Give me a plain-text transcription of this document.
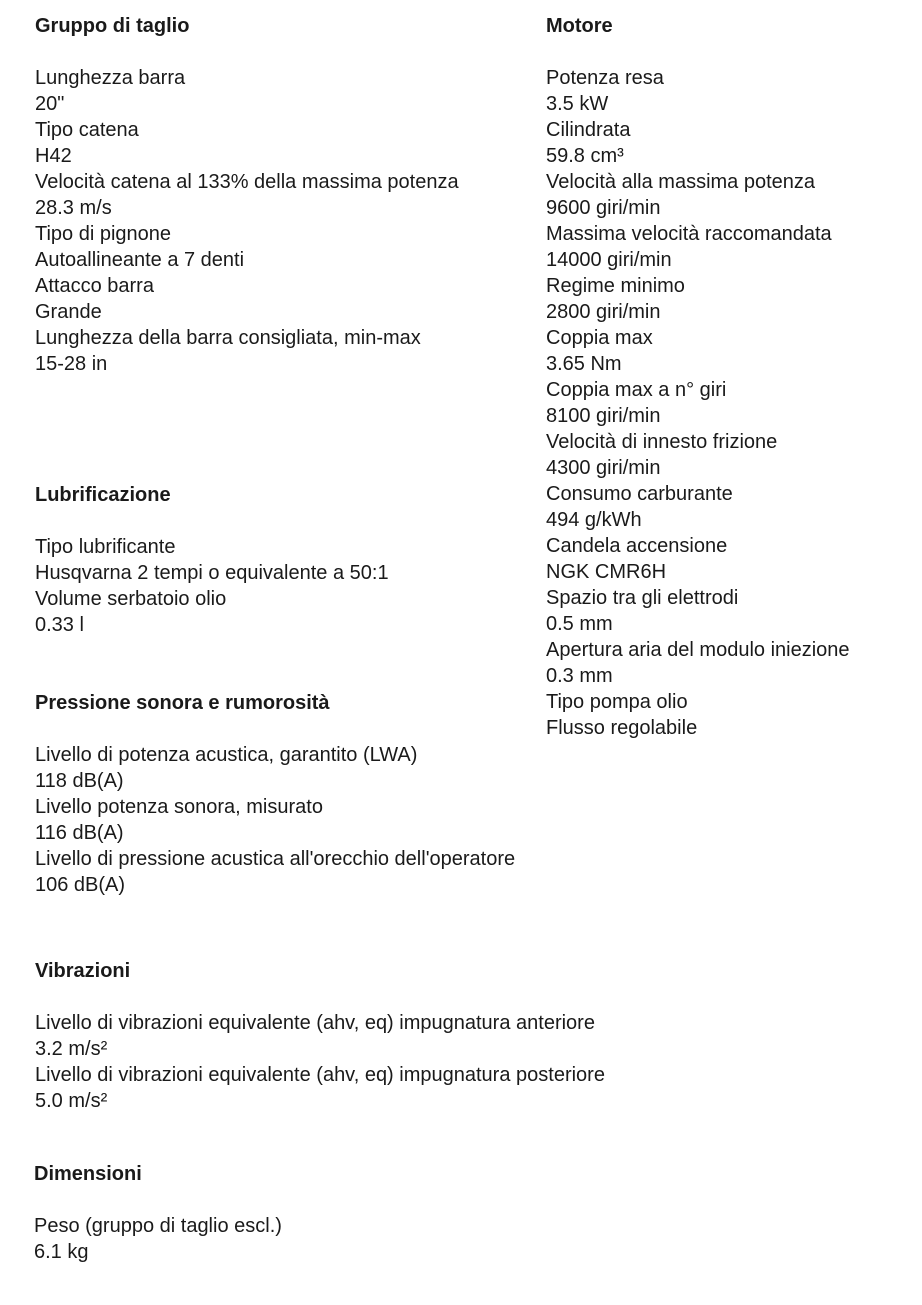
Gruppo di taglio
Lunghezza barra
20"
Tipo catena
H42
Velocità catena al 133% della massima potenza
28.3 m/s
Tipo di pignone
Autoallineante a 7 denti
Attacco barra
Grande
Lunghezza della barra consigliata, min-max
15-28 in
Lubrificazione
Tipo lubrificante
Husqvarna 2 tempi o equivalente a 50:1
Volume serbatoio olio
0.33 l
Pressione sonora e rumorosità
Livello di potenza acustica, garantito (LWA)
118 dB(A)
Livello potenza sonora, misurato
116 dB(A)
Livello di pressione acustica all'orecchio dell'operatore
106 dB(A)
Vibrazioni
Livello di vibrazioni equivalente (ahv, eq) impugnatura anteriore
3.2 m/s²
Livello di vibrazioni equivalente (ahv, eq) impugnatura posteriore
5.0 m/s²
Dimensioni
Peso (gruppo di taglio escl.)
6.1 kg
Motore
Potenza resa
3.5 kW
Cilindrata
59.8 cm³
Velocità alla massima potenza
9600 giri/min
Massima velocità raccomandata
14000 giri/min
Regime minimo
2800 giri/min
Coppia max
3.65 Nm
Coppia max a n° giri
8100 giri/min
Velocità di innesto frizione
4300 giri/min
Consumo carburante
494 g/kWh
Candela accensione
NGK CMR6H
Spazio tra gli elettrodi
0.5 mm
Apertura aria del modulo iniezione
0.3 mm
Tipo pompa olio
Flusso regolabile
